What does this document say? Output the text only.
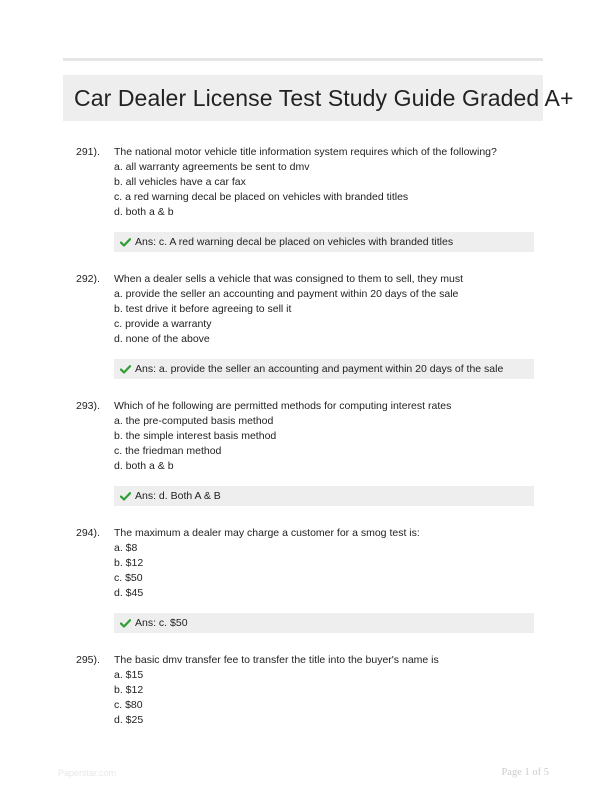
Car Dealer License Test Study Guide Graded A+
291). The national motor vehicle title information system requires which of the following?
a. all warranty agreements be sent to dmv
b. all vehicles have a car fax
c. a red warning decal be placed on vehicles with branded titles
d. both a & b
Ans: c. A red warning decal be placed on vehicles with branded titles
292). When a dealer sells a vehicle that was consigned to them to sell, they must
a. provide the seller an accounting and payment within 20 days of the sale
b. test drive it before agreeing to sell it
c. provide a warranty
d. none of the above
Ans: a. provide the seller an accounting and payment within 20 days of the sale
293). Which of he following are permitted methods for computing interest rates
a. the pre-computed basis method
b. the simple interest basis method
c. the friedman method
d. both a & b
Ans: d. Both A & B
294). The maximum a dealer may charge a customer for a smog test is:
a. $8
b. $12
c. $50
d. $45
Ans: c. $50
295). The basic dmv transfer fee to transfer the title into the buyer's name is
a. $15
b. $12
c. $80
d. $25
Paperstar.com	Page 1 of 5
